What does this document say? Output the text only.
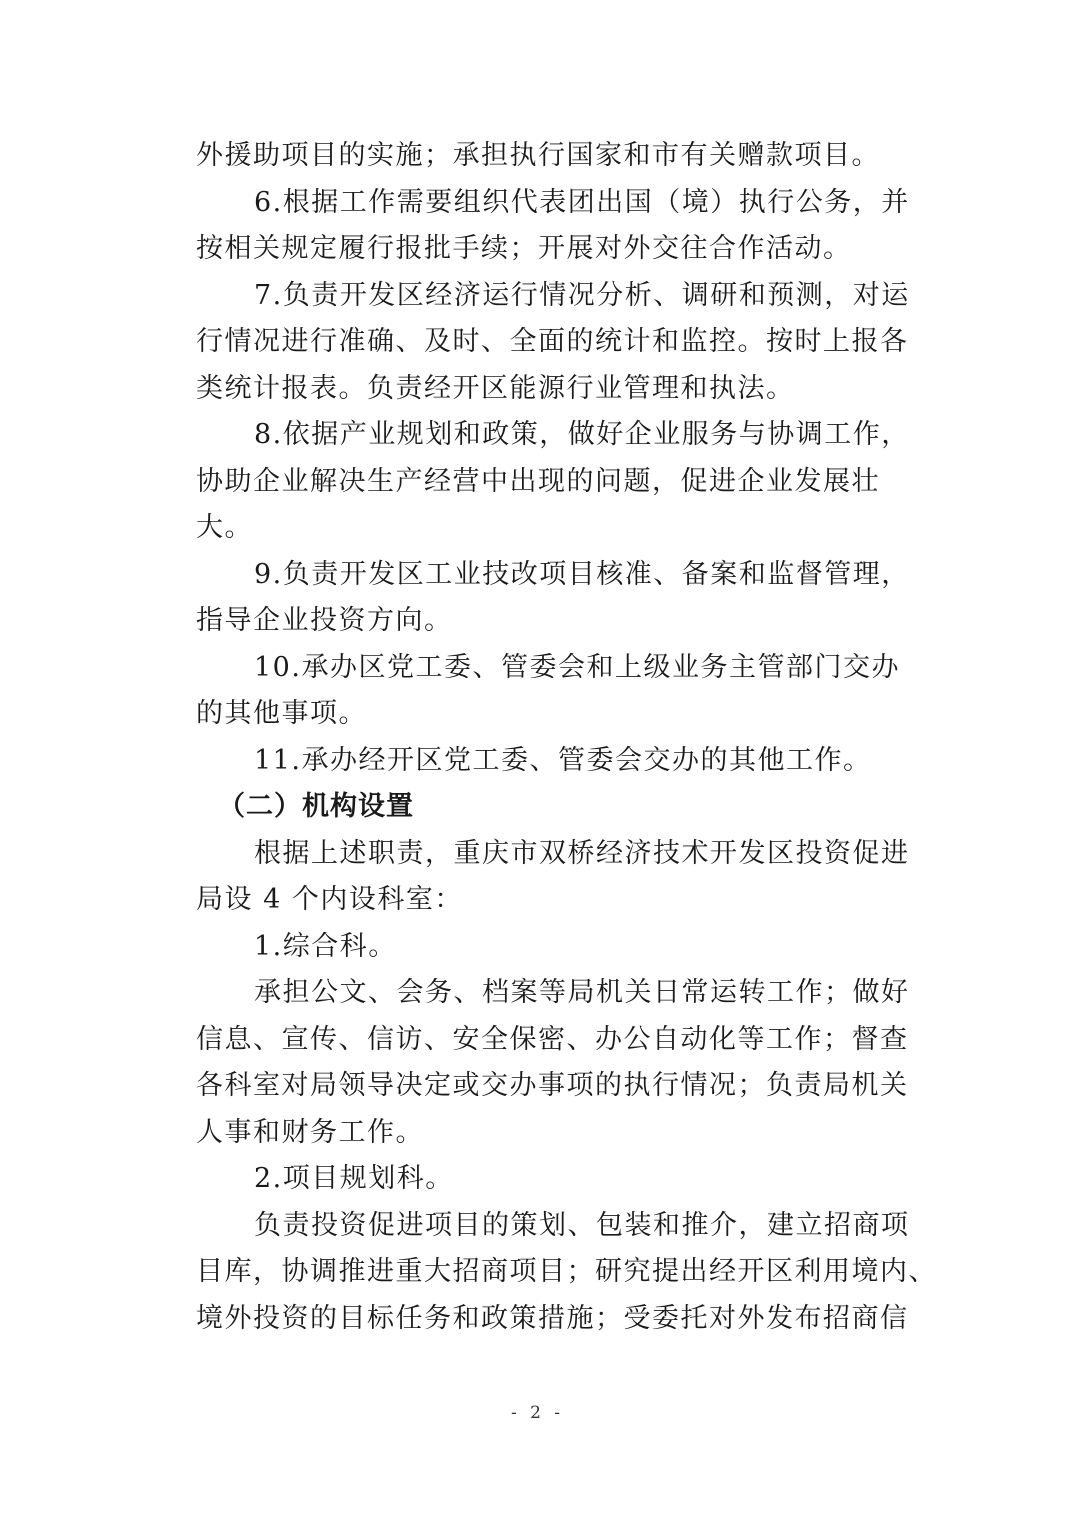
外援助项目的实施；承担执行国家和市有关赠款项目。
6.根据工作需要组织代表团出国（境）执行公务，并
按相关规定履行报批手续；开展对外交往合作活动。
7.负责开发区经济运行情况分析、调研和预测，对运
行情况进行准确、及时、全面的统计和监控。按时上报各
类统计报表。负责经开区能源行业管理和执法。
8.依据产业规划和政策，做好企业服务与协调工作，
协助企业解决生产经营中出现的问题，促进企业发展壮
大。
9.负责开发区工业技改项目核准、备案和监督管理，
指导企业投资方向。
10.承办区党工委、管委会和上级业务主管部门交办
的其他事项。
11.承办经开区党工委、管委会交办的其他工作。
（二）机构设置
根据上述职责，重庆市双桥经济技术开发区投资促进
局设 4 个内设科室：
1.综合科。
承担公文、会务、档案等局机关日常运转工作；做好
信息、宣传、信访、安全保密、办公自动化等工作；督查
各科室对局领导决定或交办事项的执行情况；负责局机关
人事和财务工作。
2.项目规划科。
负责投资促进项目的策划、包装和推介，建立招商项
目库，协调推进重大招商项目；研究提出经开区利用境内、
境外投资的目标任务和政策措施；受委托对外发布招商信
- 2 -
